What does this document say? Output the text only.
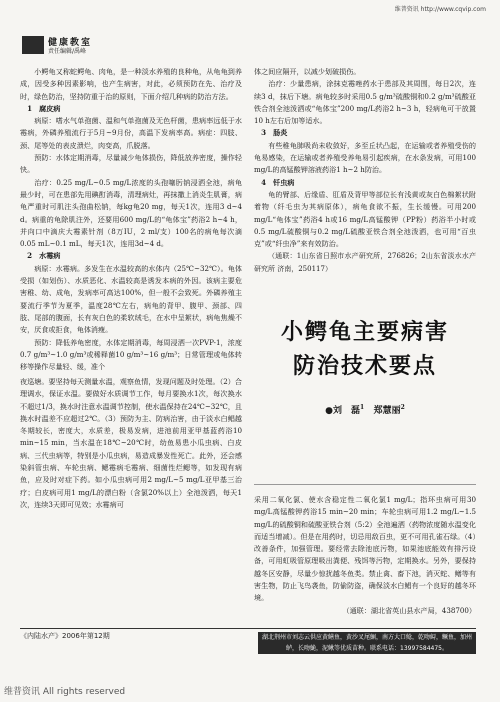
维普资讯 http://www.cqvip.com
健康教室
责任编辑/禹峰

小鳄龟又称蛇鳄龟、肉龟，是一种淡水养殖的良种龟，从龟龟到养成，因受多种因素影响，也产生病害，对此，必须预防在先、治疗及时，绿色防治，坚持防重于治的原则，下面介绍几种病的防治方法。

1　腐皮病

病原：嗜水气单孢菌、温和气单孢菌及无色杆菌，患病率远低于水霉病，外磷养殖流行于5月~9月份，高温下发病率高。病症：四肢、颈、尾等处的表皮溃烂，肉变高，爪脱落。

预防：水体定期消毒，尽量减少龟体损伤，降低放养密度，操作轻快。

治疗：0.25 mg/L~0.5 mg/L浓度的头孢噻肟钠浸洒全池，病龟最少时，可在患部先用碘酊消毒，清理病灶，再抹撒上消炎生肌膏，病龟严重时可肌注头孢曲松钠，每kg龟20 mg，每天1次，连用3 d~4 d。病重的龟除肌注外，还要用600 mg/L的“龟体宝”药浴2 h~4 h，并向口中滴庆大霉素针剂（8万IU，2 ml/支）100名的病龟每次滴0.05 mL~0.1 mL，每天1次，连用3d~4 d。

2　水霉病

病原：水霉病。多发生在水温较高的水体内（25℃~32℃）。龟体受损（如划伤）、水质恶化、水温较高是诱发本病的外因。该病主要危害稚、幼、成龟，发病率可高达100%，但一般不会致死。外磷养殖主要流行季节为夏季，温度28℃左右，病龟的背甲、腹甲、颈部、四肢、尾部的腹面，长有灰白色的柔软绒毛，在水中呈絮状，病龟焦燥不安，厌食或拒食，龟体消瘦。

预防：降低养龟密度，水体定期消毒，每周浸洒一次PVP-1，浓度0.7 g/m³~1.0 g/m³或稀释菌10 g/m³~16 g/m³；日常管理或龟体转移等操作尽量轻、缓，准个

体之间应隔开，以减少划破损伤。

治疗：少量患病，涂抹克霉唑药水于患部及其周围，每日2次，连续3 d，抹后下塘。病龟较多时采用0.5 g/m³硫酸铜和0.2 g/m³硫酸亚铁合剂全池泼洒或“龟体宝”200 mg/L药浴2 h~3 h，轻病龟可干放置10 h左右后加等适水。

3　肠炎

有些稚龟肺吸尚未收敛好，多至丘状凸起，在运输或者养殖受伤的龟易感染，在运输或者养殖受养龟易引起疾病，在水条发病，可用100 mg/L的高锰酸钾溶液药浴1 h~2 h防治。

4　钎虫病

龟的臂部、后缘盾、肛盾及背甲等部位长有浅黄或灰白色棉絮状附着物（纤毛虫为其病原体），病龟食欲不振，生长缓慢。可用200 mg/L“龟体宝”药浴4 h或16 mg/L高锰酸钾（PP粉）药浴半小时或0.5 mg/L硫酸铜与0.2 mg/L硫酸亚铁合剂全池泼洒，也可用“百虫克”或“纤虫净”来有效防治。

（通联：1山东省日照市水产研究所，276826；2山东省淡水水产研究所 济南，250117）

小鳄龟主要病害
防治技术要点
●刘　磊$^1$ 郑慧丽$^2$

夜巡塘。要坚持每天测量水温，观察鱼情，发现问题及时处理。（2）合理调水，保证水温。要做好水质调节工作，每月要换水1次，每次换水不超过1/3，换水时注意水温调节控制，使水温保持在24℃~32℃，且换水时温差不应超过2℃。（3）预防为主、防病治害，由于淡水白鲳越冬期较长，密度大，水质差，极易发病，进池前用亚甲基蓝药浴10 min~15 min，当水温在18℃~20℃时，幼鱼易患小瓜虫病、白皮病、三代虫病等，特别是小瓜虫病，易造成暴发性死亡。此外，还会感染斜管虫病、车轮虫病、鳃霉病毛霉病、细菌性烂鳃等，如发现有病鱼，应及时对症下药。如小瓜虫病可用2 mg/L~5 mg/L亚甲基三治疗；白皮病可用1 mg/L的漂白粉（含氯20%以上）全池泼洒，每天1次，连续3天即可见效；水霉病可

采用二氧化氯、使水含稳定性二氧化氯1 mg/L；指环虫病可用30 mg/L高锰酸钾药浴15 min~20 min；车轮虫病可用1.2 mg/L~1.5 mg/L的硫酸铜和硫酸亚铁合剂（5:2）全池遍洒（药物浓度随水温变化而适当增减）。但是在用药时，切忌用敌百虫，更不可用孔雀石绿。（4）改善条件，加强管理。要经常去除池底污物，如果池底能效有排污设备，可用虹吸管原理吸出粪便、残饵等污物，定期换水。另外，要保持越冬区安静，尽量少惊扰越冬鱼类。禁止禽、畜下池，消灭蛇、鳝等有害生物，防止飞鸟袭鱼，防偷防盗，确保淡水白鲳有一个良好的越冬环境。

（通联：湖北省英山县水产局，438700）

《内陆水产》2006年第12期	湖北荆州市刘志云供应黄鳝鱼，黄沙叉尾鮰，南方大口鲶，乾吻鲟，鳜鱼，加州鲈，长吻鮠，泥鳅等优质苗种。联系电话：13997584475。
维普资讯 All rights reserved
